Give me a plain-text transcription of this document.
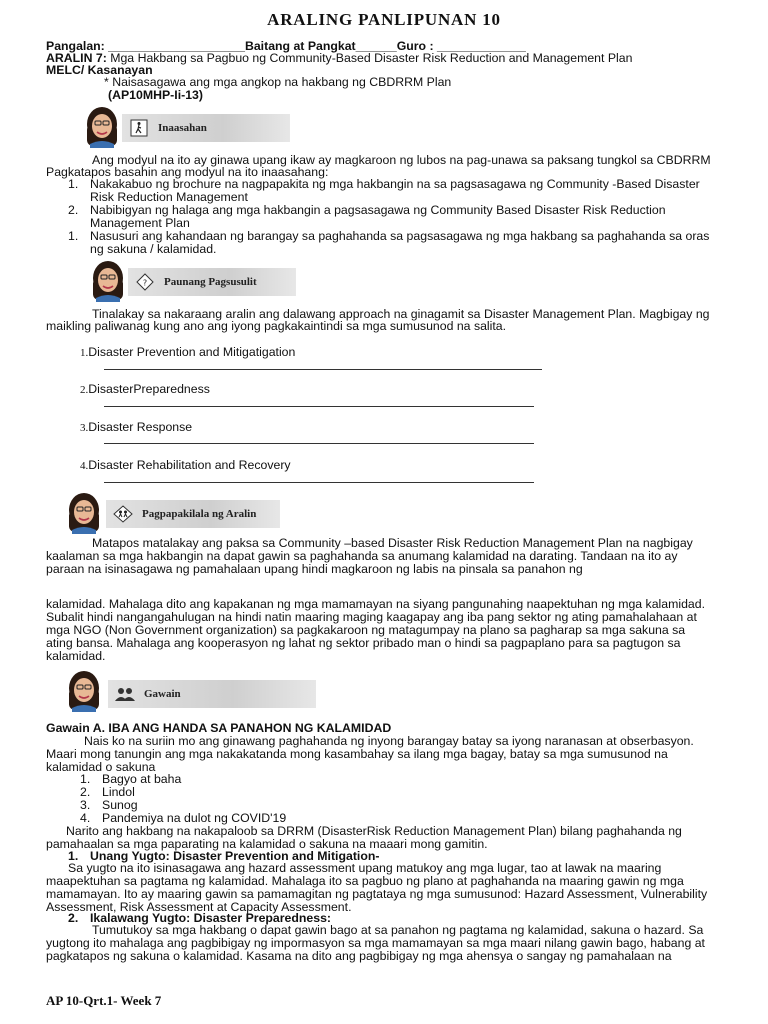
ARALING PANLIPUNAN 10
Pangalan: ____________________Baitang at Pangkat______Guro : _____________
ARALIN 7: Mga Hakbang sa Pagbuo ng Community-Based Disaster Risk Reduction and Management Plan
MELC/ Kasanayan
* Naisasagawa ang mga angkop na hakbang ng CBDRRM Plan
(AP10MHP-Ii-13)
Inaasahan
Ang modyul na ito ay ginawa upang ikaw ay magkaroon ng lubos na pag-unawa sa paksang tungkol sa CBDRRM
Pagkatapos basahin ang modyul na ito inaasahang:
1. Nakakabuo ng brochure na nagpapakita ng mga hakbangin na sa pagsasagawa ng Community -Based Disaster
Risk Reduction Management
2. Nabibigyan ng halaga ang mga hakbangin a pagsasagawa ng Community Based Disaster Risk Reduction
Management Plan
1. Nasusuri ang kahandaan ng barangay sa paghahanda sa pagsasagawa ng mga hakbang sa paghahanda sa oras
ng sakuna / kalamidad.
? Paunang Pagsusulit
Tinalakay sa nakaraang aralin ang dalawang approach na ginagamit sa Disaster Management Plan. Magbigay ng
maikling paliwanag kung ano ang iyong pagkakaintindi sa mga sumusunod na salita.
1.Disaster Prevention and Mitigatigation
2.DisasterPreparedness
3.Disaster Response
4.Disaster Rehabilitation and Recovery
Pagpapakilala ng Aralin
Matapos matalakay ang paksa sa Community –based Disaster Risk Reduction Management Plan na nagbigay
kaalaman sa mga hakbangin na dapat gawin sa paghahanda sa anumang kalamidad na darating. Tandaan na ito ay
paraan na isinasagawa ng pamahalaan upang hindi magkaroon ng labis na pinsala sa panahon ng
kalamidad. Mahalaga dito ang kapakanan ng mga mamamayan na siyang pangunahing naapektuhan ng mga kalamidad.
Subalit hindi nangangahulugan na hindi natin maaring maging kaagapay ang iba pang sektor ng ating pamahalahaan at
mga NGO (Non Government organization) sa pagkakaroon ng matagumpay na plano sa pagharap sa mga sakuna sa
ating bansa. Mahalaga ang kooperasyon ng lahat ng sektor pribado man o hindi sa pagpaplano para sa pagtugon sa
kalamidad.
Gawain
Gawain A. IBA ANG HANDA SA PANAHON NG KALAMIDAD
Nais ko na suriin mo ang ginawang paghahanda ng inyong barangay batay sa iyong naranasan at obserbasyon.
Maari mong tanungin ang mga nakakatanda mong kasambahay sa ilang mga bagay, batay sa mga sumusunod na
kalamidad o sakuna
1. Bagyo at baha
2. Lindol
3. Sunog
4. Pandemiya na dulot ng COVID'19
Narito ang hakbang na nakapaloob sa DRRM (DisasterRisk Reduction Management Plan) bilang paghahanda ng
pamahaalan sa mga paparating na kalamidad o sakuna na maaari mong gamitin.
1. Unang Yugto: Disaster Prevention and Mitigation-
Sa yugto na ito isinasagawa ang hazard assessment upang matukoy ang mga lugar, tao at lawak na maaring
maapektuhan sa pagtama ng kalamidad. Mahalaga ito sa pagbuo ng plano at paghahanda na maaring gawin ng mga
mamamayan. Ito ay maaring gawin sa pamamagitan ng pagtataya ng mga sumusunod: Hazard Assessment, Vulnerability
Assessment, Risk Assessment at Capacity Assessment.
2. Ikalawang Yugto: Disaster Preparedness:
Tumutukoy sa mga hakbang o dapat gawin bago at sa panahon ng pagtama ng kalamidad, sakuna o hazard. Sa
yugtong ito mahalaga ang pagbibigay ng impormasyon sa mga mamamayan sa mga maari nilang gawin bago, habang at
pagkatapos ng sakuna o kalamidad. Kasama na dito ang pagbibigay ng mga ahensya o sangay ng pamahalaan na
AP 10-Qrt.1- Week 7
